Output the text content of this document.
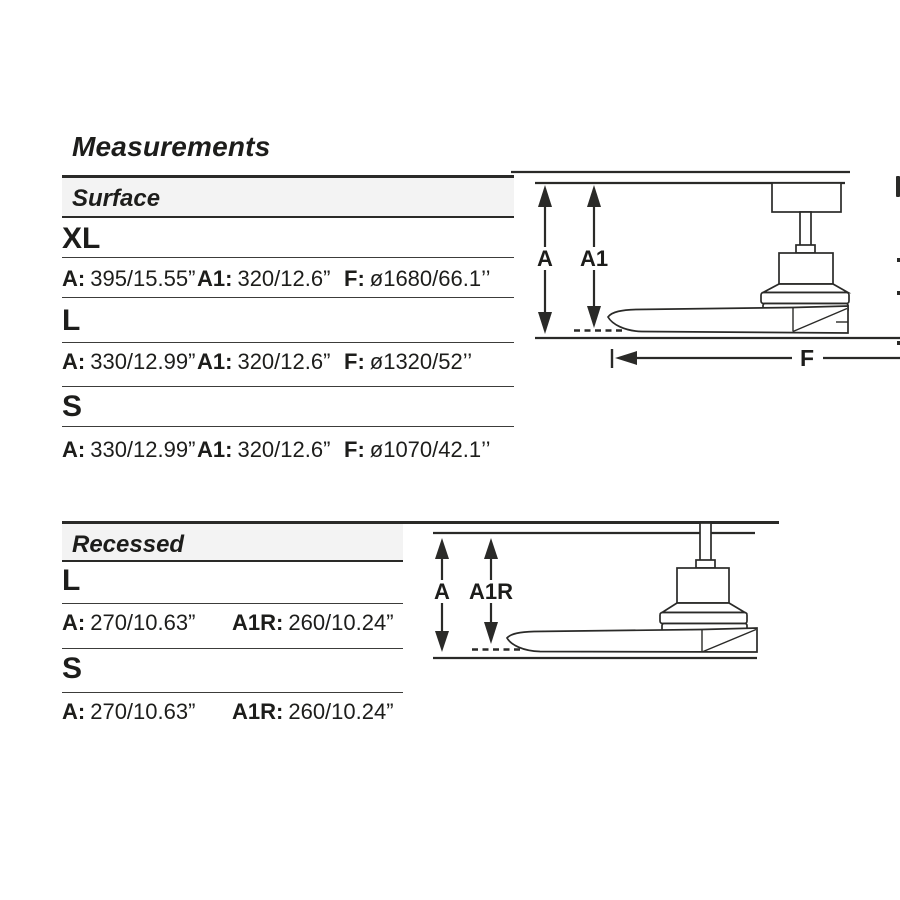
Measurements
Surface
XL
A: 395/15.55” A1: 320/12.6” F: ø1680/66.1’’
L
A: 330/12.99” A1: 320/12.6” F: ø1320/52’’
S
A: 330/12.99” A1: 320/12.6” F: ø1070/42.1’’
A A1
F
Recessed
L
A: 270/10.63” A1R: 260/10.24”
S
A: 270/10.63” A1R: 260/10.24”
A A1R
